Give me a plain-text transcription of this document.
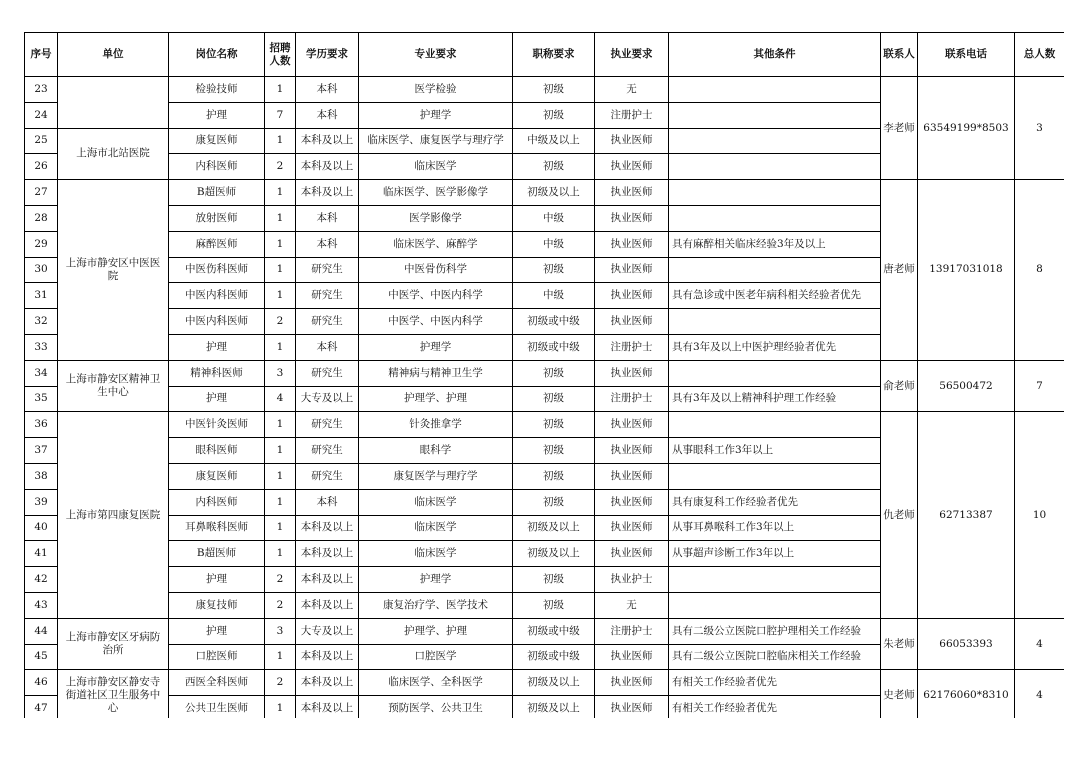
序号	单位	岗位名称	招聘人数	学历要求	专业要求	职称要求	执业要求	其他条件	联系人	联系电话	总人数
23		检验技师	1	本科	医学检验	初级	无		李老师	63549199*8503	3
24		护理	7	本科	护理学	初级	注册护士				
25	上海市北站医院	康复医师	1	本科及以上	临床医学、康复医学与理疗学	中级及以上	执业医师				
26		内科医师	2	本科及以上	临床医学	初级	执业医师				
27	上海市静安区中医医院	B超医师	1	本科及以上	临床医学、医学影像学	初级及以上	执业医师		唐老师	13917031018	8
28		放射医师	1	本科	医学影像学	中级	执业医师				
29		麻醉医师	1	本科	临床医学、麻醉学	中级	执业医师	具有麻醉相关临床经验3年及以上			
30		中医伤科医师	1	研究生	中医骨伤科学	初级	执业医师				
31		中医内科医师	1	研究生	中医学、中医内科学	中级	执业医师	具有急诊或中医老年病科相关经验者优先			
32		中医内科医师	2	研究生	中医学、中医内科学	初级或中级	执业医师				
33		护理	1	本科	护理学	初级或中级	注册护士	具有3年及以上中医护理经验者优先			
34	上海市静安区精神卫生中心	精神科医师	3	研究生	精神病与精神卫生学	初级	执业医师		俞老师	56500472	7
35		护理	4	大专及以上	护理学、护理	初级	注册护士	具有3年及以上精神科护理工作经验			
36	上海市第四康复医院	中医针灸医师	1	研究生	针灸推拿学	初级	执业医师		仇老师	62713387	10
37		眼科医师	1	研究生	眼科学	初级	执业医师	从事眼科工作3年以上			
38		康复医师	1	研究生	康复医学与理疗学	初级	执业医师				
39		内科医师	1	本科	临床医学	初级	执业医师	具有康复科工作经验者优先			
40		耳鼻喉科医师	1	本科及以上	临床医学	初级及以上	执业医师	从事耳鼻喉科工作3年以上			
41		B超医师	1	本科及以上	临床医学	初级及以上	执业医师	从事超声诊断工作3年以上			
42		护理	2	本科及以上	护理学	初级	执业护士				
43		康复技师	2	本科及以上	康复治疗学、医学技术	初级	无				
44	上海市静安区牙病防治所	护理	3	大专及以上	护理学、护理	初级或中级	注册护士	具有二级公立医院口腔护理相关工作经验	朱老师	66053393	4
45		口腔医师	1	本科及以上	口腔医学	初级或中级	执业医师	具有二级公立医院口腔临床相关工作经验			
46	上海市静安区静安寺街道社区卫生服务中心	西医全科医师	2	本科及以上	临床医学、全科医学	初级及以上	执业医师	有相关工作经验者优先	史老师	62176060*8310	4
47		公共卫生医师	1	本科及以上	预防医学、公共卫生	初级及以上	执业医师	有相关工作经验者优先			
